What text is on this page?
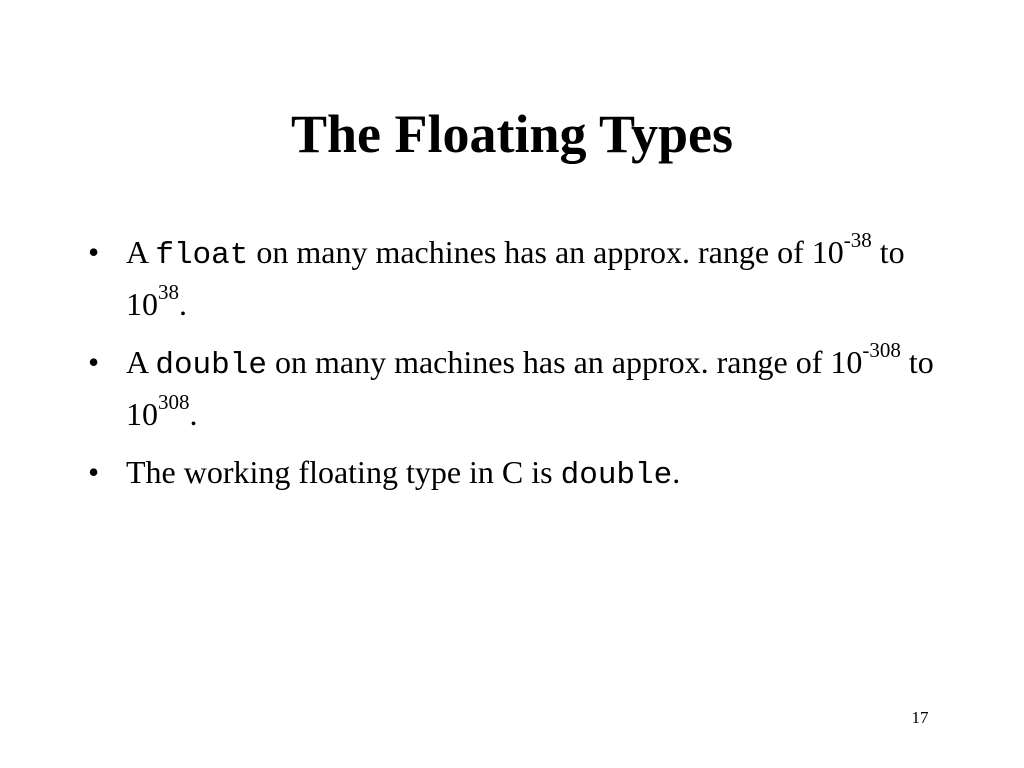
The Floating Types
• A float on many machines has an approx. range of $10^{-38}$ to $10^{38}$.
• A double on many machines has an approx. range of $10^{-308}$ to $10^{308}$.
• The working floating type in C is double.
17
